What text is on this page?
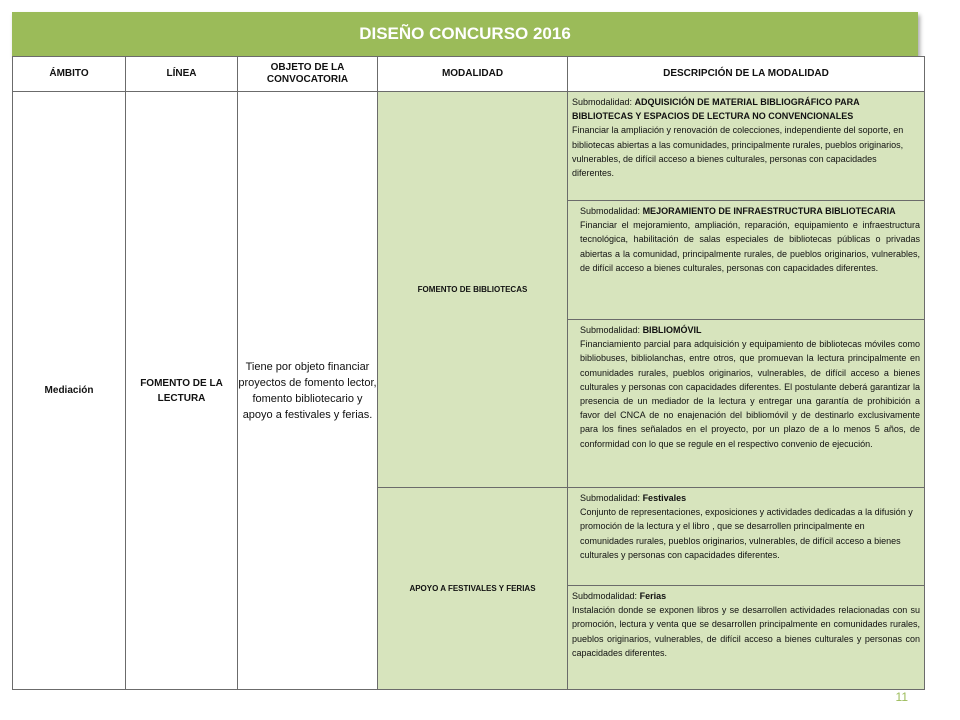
DISEÑO CONCURSO 2016
ÁMBITO	LÍNEA	OBJETO DE LA CONVOCATORIA	MODALIDAD	DESCRIPCIÓN DE LA MODALIDAD
Mediación	FOMENTO DE LA LECTURA	Tiene por objeto financiar proyectos de fomento lector, fomento bibliotecario y apoyo a festivales y ferias.	FOMENTO DE BIBLIOTECAS	Submodalidad: ADQUISICIÓN DE MATERIAL BIBLIOGRÁFICO PARA BIBLIOTECAS Y ESPACIOS DE LECTURA NO CONVENCIONALES
Financiar la ampliación y renovación de colecciones, independiente del soporte, en bibliotecas abiertas a las comunidades, principalmente rurales, pueblos originarios, vulnerables, de difícil acceso a bienes culturales, personas con capacidades diferentes.

				Submodalidad: MEJORAMIENTO DE INFRAESTRUCTURA BIBLIOTECARIA
Financiar el mejoramiento, ampliación, reparación, equipamiento e infraestructura tecnológica, habilitación de salas especiales de bibliotecas públicas o privadas abiertas a la comunidad, principalmente rurales, de pueblos originarios, vulnerables, de difícil acceso a bienes culturales, personas con capacidades diferentes.

				Submodalidad: BIBLIOMÓVIL
Financiamiento parcial para adquisición y equipamiento de bibliotecas móviles como bibliobuses, bibliolanchas, entre otros, que promuevan la lectura principalmente en comunidades rurales, pueblos originarios, vulnerables, de difícil acceso a bienes culturales y personas con capacidades diferentes. El postulante deberá garantizar la presencia de un mediador de la lectura y entregar una garantía de prohibición a favor del CNCA de no enajenación del bibliomóvil y de destinarlo exclusivamente para los fines señalados en el proyecto, por un plazo de a lo menos 5 años, de conformidad con lo que se regule en el respectivo convenio de ejecución.

			APOYO A FESTIVALES Y FERIAS	Submodalidad: Festivales
Conjunto de representaciones, exposiciones y actividades dedicadas a la difusión y promoción de la lectura y el libro , que se desarrollen principalmente en comunidades rurales, pueblos originarios, vulnerables, de difícil acceso a bienes culturales y personas con capacidades diferentes.

				Subdmodalidad: Ferias
Instalación donde se exponen libros y se desarrollen actividades relacionadas con su promoción, lectura y venta que se desarrollen principalmente en comunidades rurales, pueblos originarios, vulnerables, de difícil acceso a bienes culturales y personas con capacidades diferentes.
11
